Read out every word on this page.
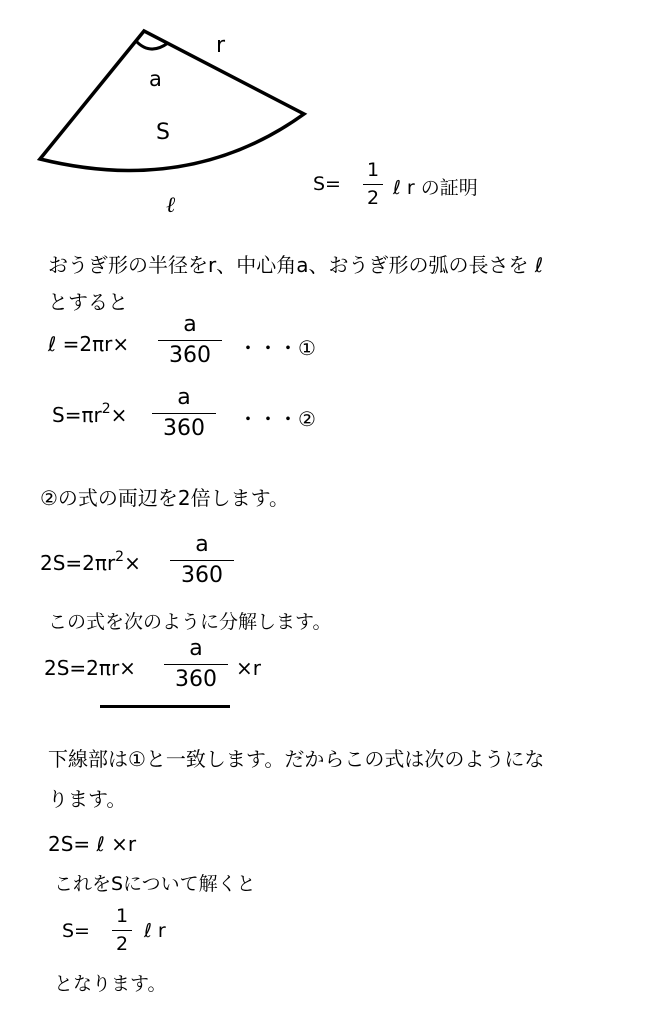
r
a
S
ℓ
S=
1
2 ℓ r の証明
おうぎ形の半径をr、中心角a、おうぎ形の弧の長さを ℓ
とすると
ℓ =2πr×
a
360	・・・①
$S=\pi r^2\times$
a
360	・・・②
②の式の両辺を2倍します。
$2S=2\pi r^2\times$
a
360
この式を次のように分解します。
2S=2πr×
a
360 ×r
下線部は①と一致します。だからこの式は次のようにな
ります。
2S= ℓ ×r
これをSについて解くと
S=
1
2
ℓ r
となります。
